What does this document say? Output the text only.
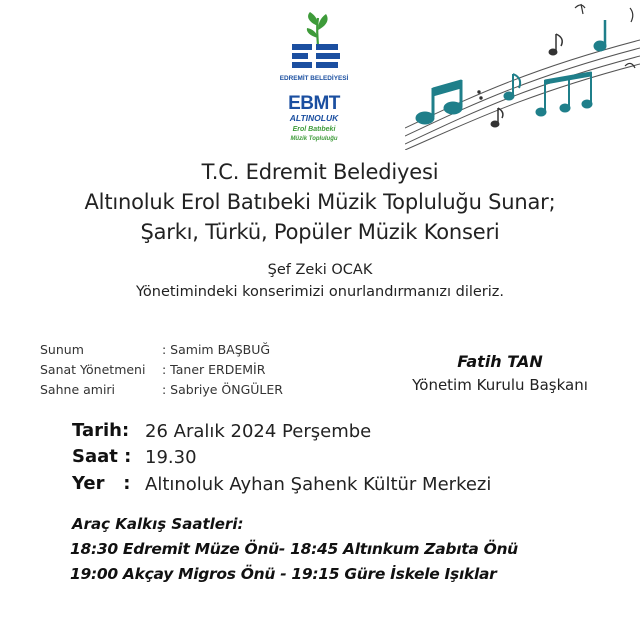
EDREMİT BELEDİYESİ
EBMT
ALTINOLUK
Erol Batıbeki
Müzik Topluluğu
T.C. Edremit Belediyesi
Altınoluk Erol Batıbeki Müzik Topluluğu Sunar;
Şarkı, Türkü, Popüler Müzik Konseri
Şef Zeki OCAK
Yönetimindeki konserimizi onurlandırmanızı dileriz.
Sunum	: Samim BAŞBUĞ
Sanat Yönetmeni : Taner ERDEMİR
Sahne amiri	: Sabriye ÖNGÜLER
Fatih TAN
Yönetim Kurulu Başkanı
Tarih: 26 Aralık 2024 Perşembe
Saat : 19.30
Yer   : Altınoluk Ayhan Şahenk Kültür Merkezi
Araç Kalkış Saatleri:
18:30 Edremit Müze Önü- 18:45 Altınkum Zabıta Önü
19:00 Akçay Migros Önü - 19:15 Güre İskele Işıklar
